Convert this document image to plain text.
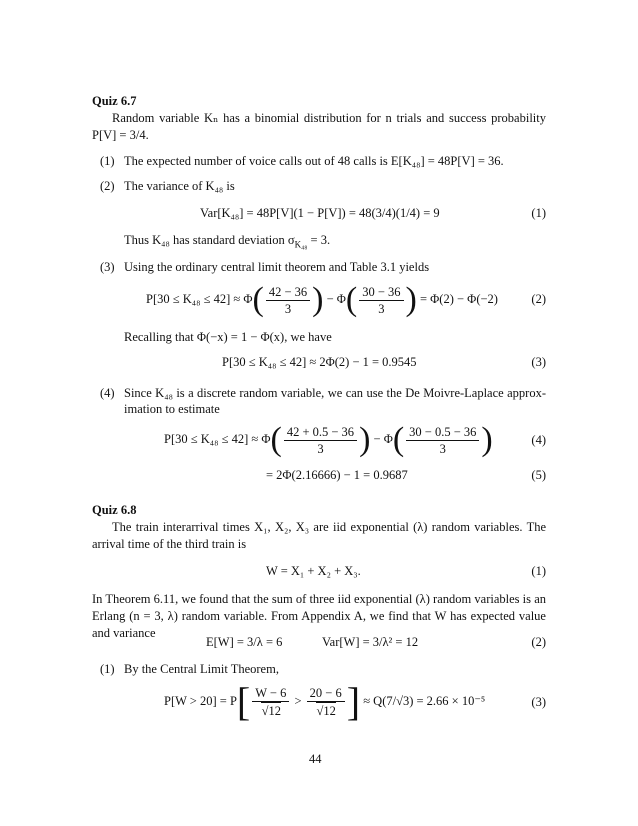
Quiz 6.7
Random variable Kₙ has a binomial distribution for n trials and success probability
P[V] = 3/4.
(1) The expected number of voice calls out of 48 calls is E[K₄₈] = 48P[V] = 36.
(2) The variance of K₄₈ is
Var[K₄₈] = 48P[V](1 − P[V]) = 48(3/4)(1/4) = 9	(1)
Thus K₄₈ has standard deviation $\sigma_{K_{48}} = 3$.
(3) Using the ordinary central limit theorem and Table 3.1 yields
$P[30 \le K_{48} \le 42] \approx \Phi( \frac{42 - 36}{3}$ ) − $\Phi( \frac{30 - 36}{3}$ ) = Φ(2) − Φ(−2)	(2)
Recalling that Φ(−x) = 1 − Φ(x), we have
P[30 ≤ K₄₈ ≤ 42] ≈ 2Φ(2) − 1 = 0.9545	(3)
(4) Since K₄₈ is a discrete random variable, we can use the De Moivre-Laplace approx-
imation to estimate
$P[30 \le K_{48} \le 42] \approx \Phi( \frac{42 + 0.5 - 36}{3}$ ) − $\Phi( \frac{30 - 0.5 - 36}{3}$ )	(4)
= 2Φ(2.16666) − 1 = 0.9687	(5)
Quiz 6.8
The train interarrival times X₁, X₂, X₃ are iid exponential (λ) random variables. The
arrival time of the third train is
W = X₁ + X₂ + X₃.	(1)
In Theorem 6.11, we found that the sum of three iid exponential (λ) random variables is an
Erlang (n = 3, λ) random variable. From Appendix A, we find that W has expected value
and variance
E[W] = 3/λ = 6	Var[W] = 3/λ² = 12	(2)
(1) By the Central Limit Theorem,
$P[W > 20] = P[ \frac{W - 6}{√12} > \frac{20 - 6}{√12}$ ] ≈ Q(7/√3) = 2.66 × 10⁻⁵	(3)
44
